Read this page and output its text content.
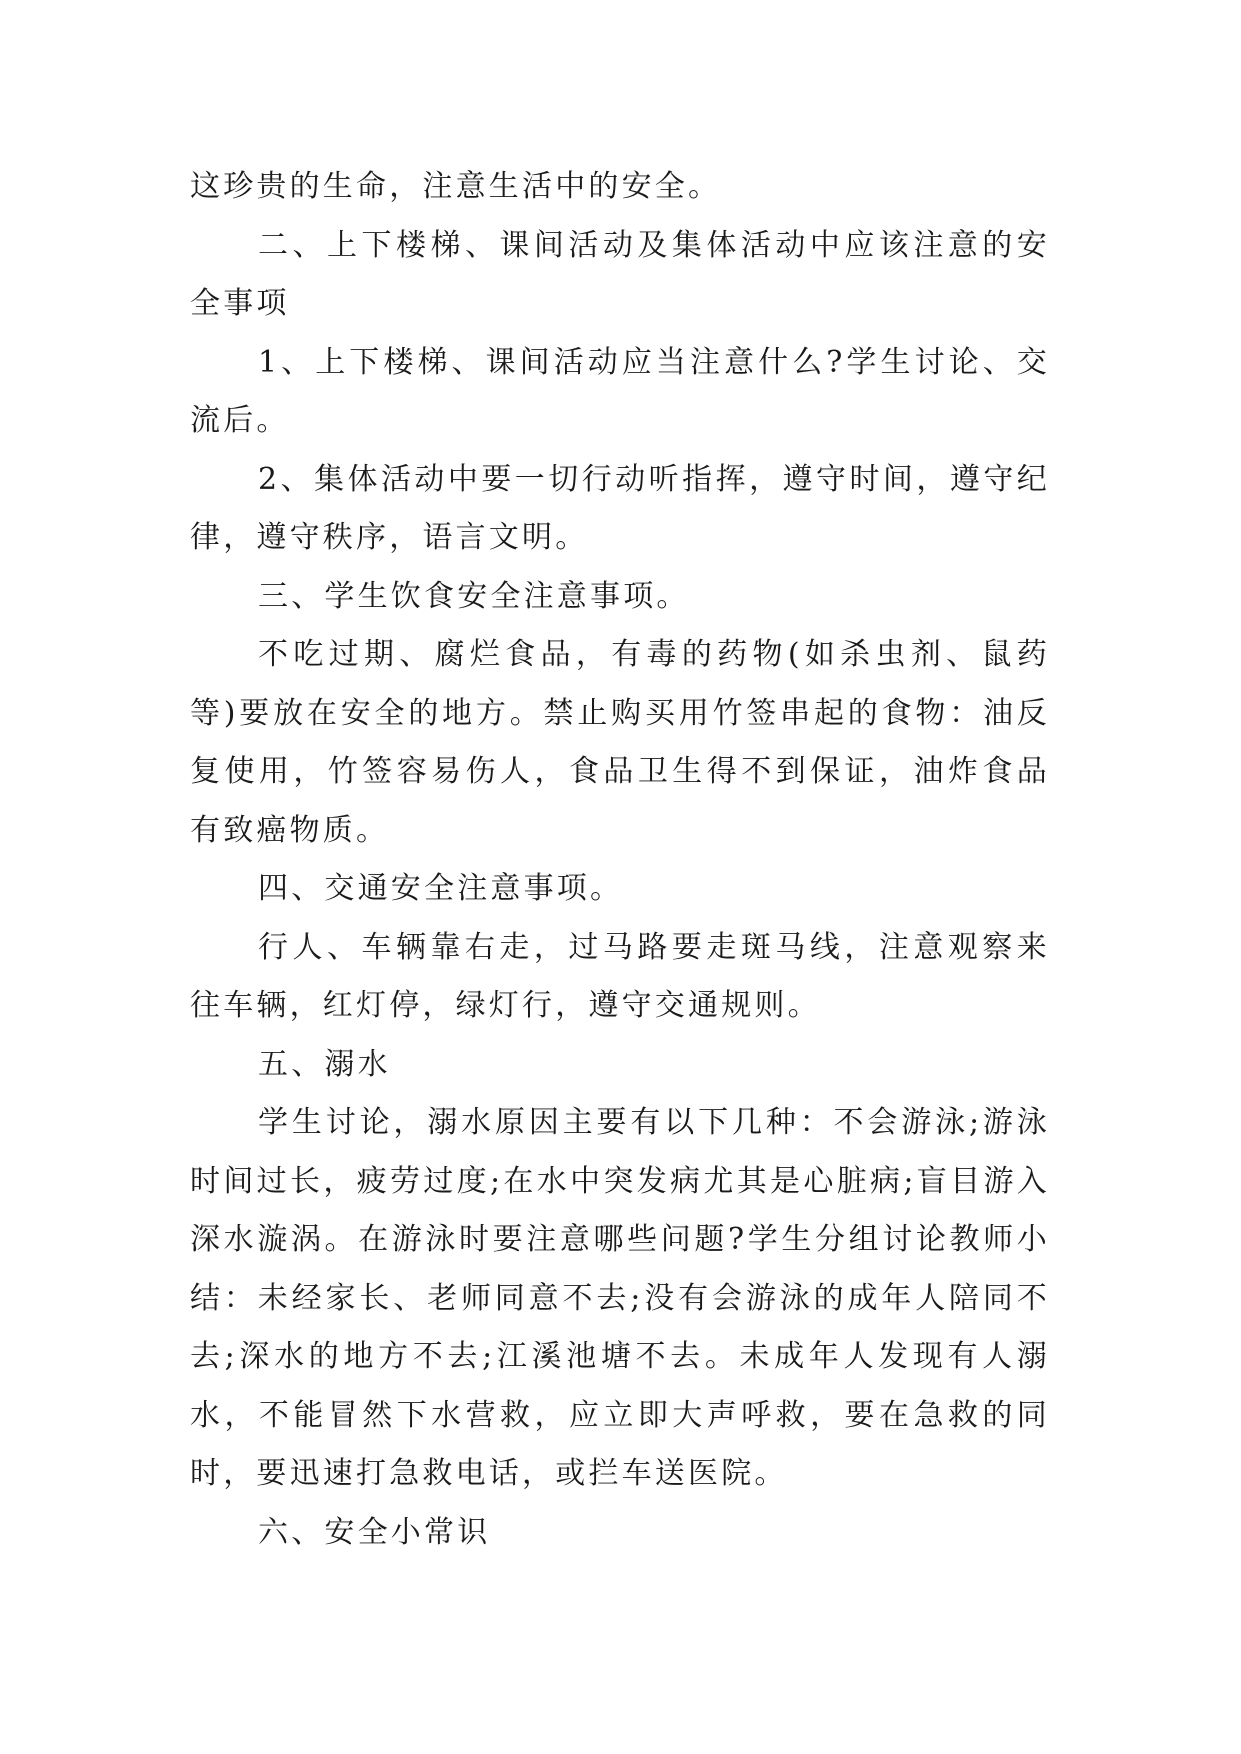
这珍贵的生命，注意生活中的安全。

二、上下楼梯、课间活动及集体活动中应该注意的安全事项

1、上下楼梯、课间活动应当注意什么?学生讨论、交流后。

2、集体活动中要一切行动听指挥，遵守时间，遵守纪律，遵守秩序，语言文明。

三、学生饮食安全注意事项。

不吃过期、腐烂食品，有毒的药物(如杀虫剂、鼠药等)要放在安全的地方。禁止购买用竹签串起的食物：油反复使用，竹签容易伤人，食品卫生得不到保证，油炸食品有致癌物质。

四、交通安全注意事项。

行人、车辆靠右走，过马路要走斑马线，注意观察来往车辆，红灯停，绿灯行，遵守交通规则。

五、溺水

学生讨论，溺水原因主要有以下几种：不会游泳;游泳时间过长，疲劳过度;在水中突发病尤其是心脏病;盲目游入深水漩涡。在游泳时要注意哪些问题?学生分组讨论教师小结：未经家长、老师同意不去;没有会游泳的成年人陪同不去;深水的地方不去;江溪池塘不去。未成年人发现有人溺水，不能冒然下水营救，应立即大声呼救，要在急救的同时，要迅速打急救电话，或拦车送医院。

六、安全小常识
